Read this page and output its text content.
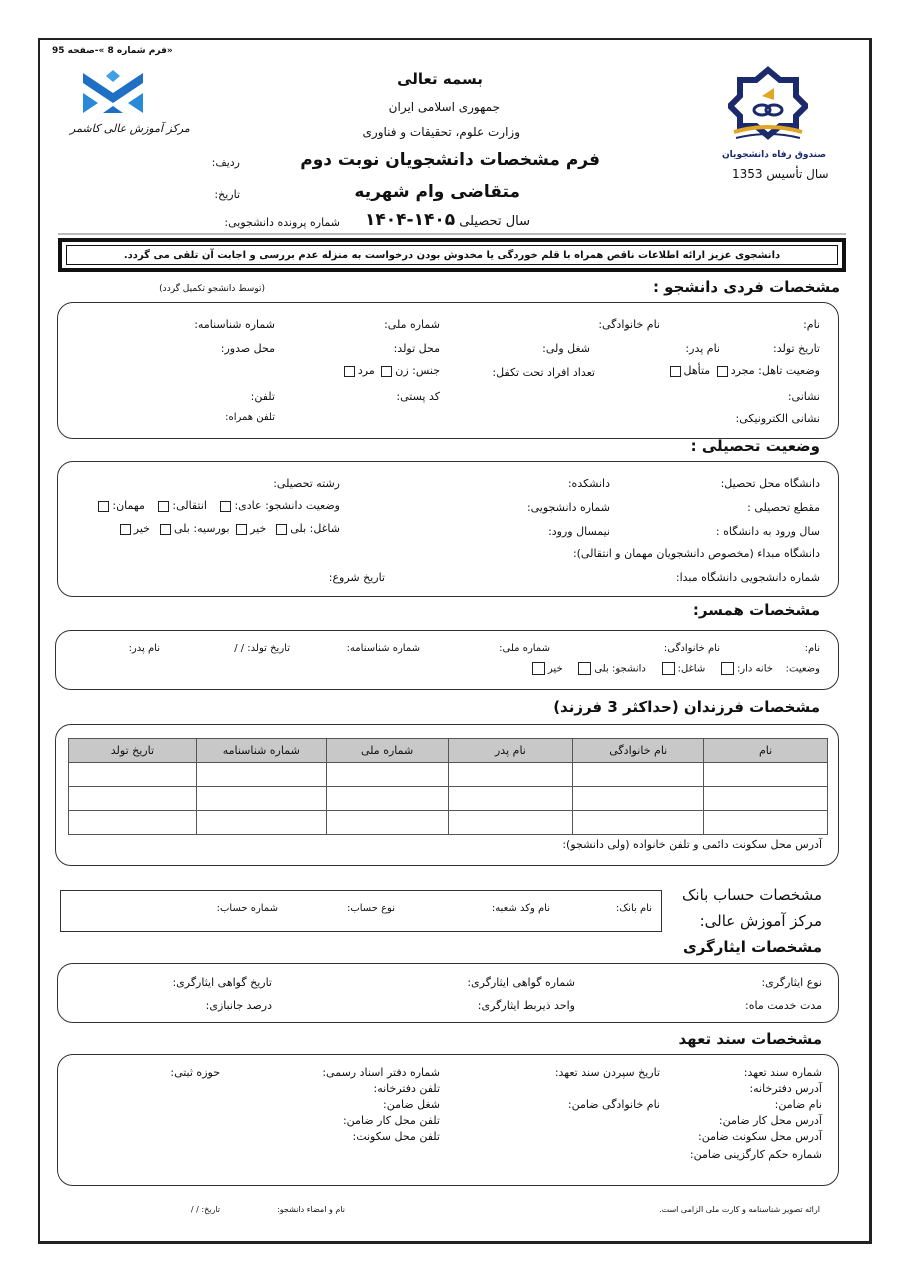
«فرم شماره 8 »-صفحه 95
مرکز آموزش عالی کاشمر
صندوق رفاه دانشجویان
سال تأسیس 1353
بسمه تعالی
جمهوری اسلامی ایران
وزارت علوم، تحقیقات و فناوری
فرم مشخصات دانشجویان نوبت دوم
متقاضی وام شهریه
سال تحصیلی ۱۴۰۵-۱۴۰۴
ردیف:
تاریخ:
شماره پرونده دانشجویی:
دانشجوی عزیز ارائه اطلاعات ناقص همراه با قلم خوردگی یا مخدوش بودن درخواست به منزله عدم بررسی و اجابت آن تلقی می گردد.
مشخصات فردی دانشجو :
(توسط دانشجو تکمیل گردد)
نام:
نام خانوادگی:
شماره ملی:
شماره شناسنامه:
تاریخ تولد:
نام پدر:
شغل ولی:
محل تولد:
محل صدور:
وضعیت تاهل: مجرد متأهل
تعداد افراد تحت تکفل:
جنس: زن مرد
نشانی:
کد پستی:
تلفن:
نشانی الکترونیکی:
تلفن همراه:
وضعیت تحصیلی :
دانشگاه محل تحصیل:
دانشکده:
رشته تحصیلی:
مقطع تحصیلی :
شماره دانشجویی:
وضعیت دانشجو: عادی:   انتقالی:   مهمان:
سال ورود به دانشگاه :
نیمسال ورود:
شاغل: بلی  خیر بورسیه: بلی  خیر
دانشگاه مبداء (مخصوص دانشجویان مهمان و انتقالی):
شماره دانشجویی دانشگاه مبدا:
تاریخ شروع:
مشخصات همسر:
نام:
نام خانوادگی:
شماره ملی:
شماره شناسنامه:
تاریخ تولد: / /
نام پدر:
وضعیت:    خانه دار:    شاغل:    دانشجو: بلی    خیر
مشخصات فرزندان (حداکثر 3 فرزند)
نام	نام خانوادگی	نام پدر	شماره ملی	شماره شناسنامه	تاریخ تولد

آدرس محل سکونت دائمی و تلفن خانواده (ولی دانشجو):
مشخصات حساب بانک
مرکز آموزش عالی:
نام بانک:
نام وکد شعبه:
نوع حساب:
شماره حساب:
مشخصات ایثارگری
نوع ایثارگری:
شماره گواهی ایثارگری:
تاریخ گواهی ایثارگری:
مدت خدمت ماه:
واحد ذیربط ایثارگری:
درصد جانبازی:
مشخصات سند تعهد
شماره سند تعهد:
تاریخ سپردن سند تعهد:
شماره دفتر اسناد رسمی:
حوزه ثبتی:
آدرس دفترخانه:
تلفن دفترخانه:
نام ضامن:
نام خانوادگی ضامن:
شغل ضامن:
آدرس محل کار ضامن:
تلفن محل کار ضامن:
آدرس محل سکونت ضامن:
تلفن محل سکونت:
شماره حکم کارگزینی ضامن:
ارائه تصویر شناسنامه و کارت ملی الزامی است.
نام و امضاء دانشجو:
تاریخ: / /
